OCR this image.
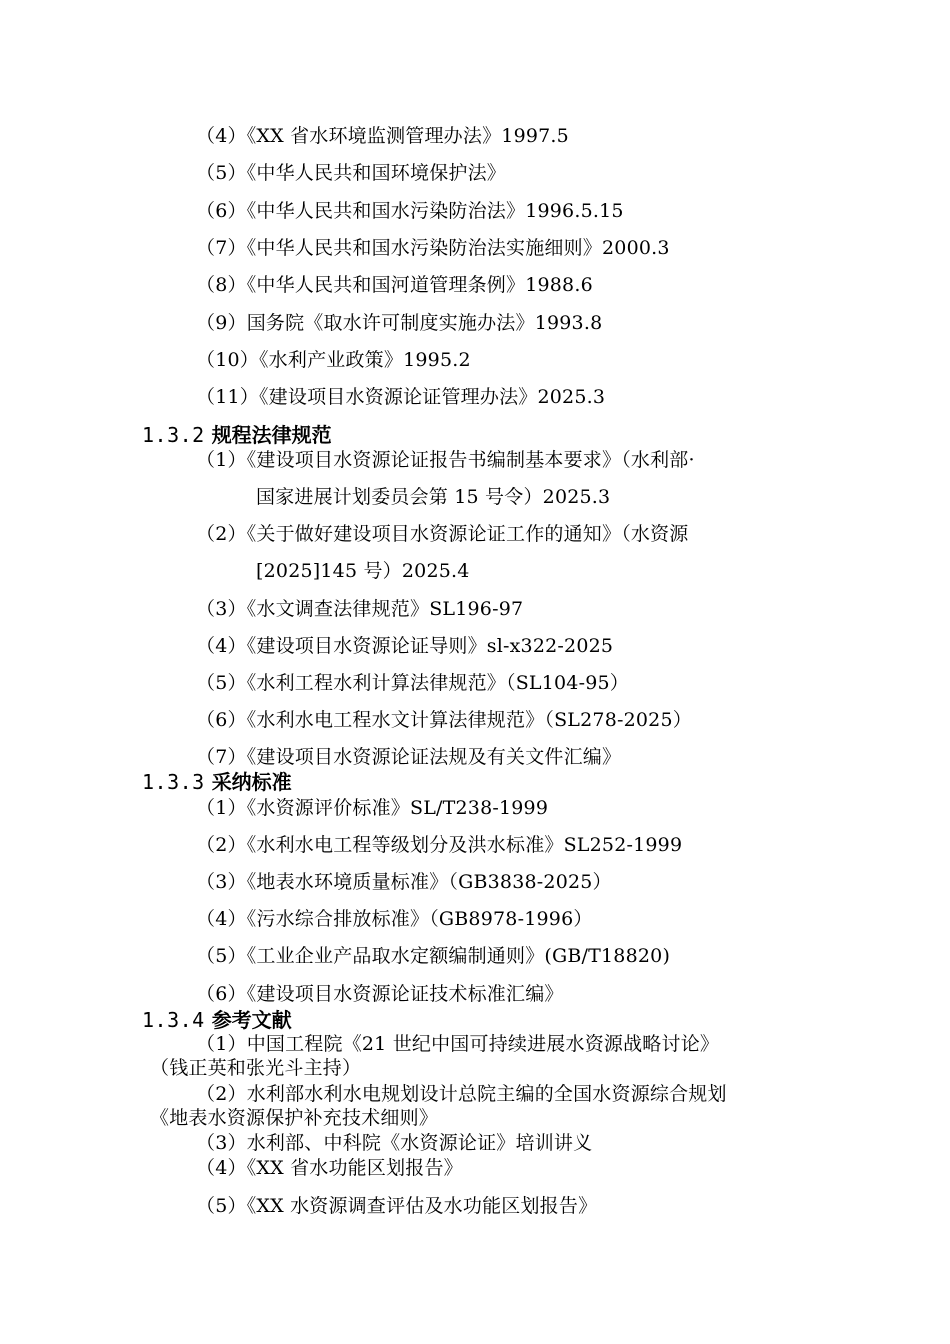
（4）《XX 省水环境监测管理办法》1997.5
（5）《中华人民共和国环境保护法》
（6）《中华人民共和国水污染防治法》1996.5.15
（7）《中华人民共和国水污染防治法实施细则》2000.3
（8）《中华人民共和国河道管理条例》1988.6
（9）国务院《取水许可制度实施办法》1993.8
（10）《水利产业政策》1995.2
（11）《建设项目水资源论证管理办法》2025.3
1.3.2 规程法律规范
（1）《建设项目水资源论证报告书编制基本要求》（水利部·
国家进展计划委员会第 15 号令）2025.3
（2）《关于做好建设项目水资源论证工作的通知》（水资源
[2025]145 号）2025.4
（3）《水文调查法律规范》SL196-97
（4）《建设项目水资源论证导则》sl-x322-2025
（5）《水利工程水利计算法律规范》（SL104-95）
（6）《水利水电工程水文计算法律规范》（SL278-2025）
（7）《建设项目水资源论证法规及有关文件汇编》
1.3.3 采纳标准
（1）《水资源评价标准》SL/T238-1999
（2）《水利水电工程等级划分及洪水标准》SL252-1999
（3）《地表水环境质量标准》（GB3838-2025）
（4）《污水综合排放标准》（GB8978-1996）
（5）《工业企业产品取水定额编制通则》(GB/T18820)
（6）《建设项目水资源论证技术标准汇编》
1.3.4 参考文献
（1）中国工程院《21 世纪中国可持续进展水资源战略讨论》
（钱正英和张光斗主持）
（2）水利部水利水电规划设计总院主编的全国水资源综合规划
《地表水资源保护补充技术细则》
（3）水利部、中科院《水资源论证》培训讲义
（4）《XX 省水功能区划报告》
（5）《XX 水资源调查评估及水功能区划报告》
